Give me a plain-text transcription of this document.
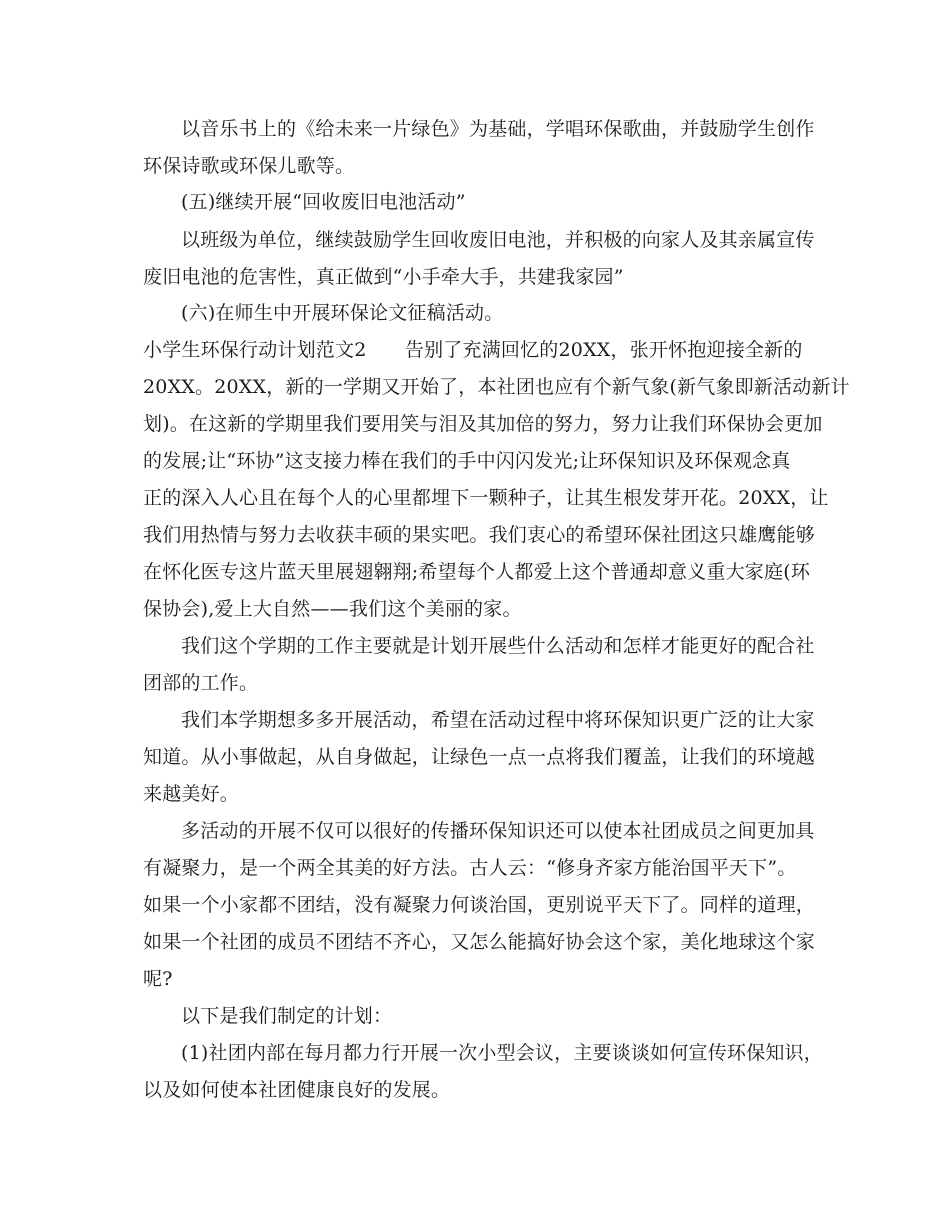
以音乐书上的《给未来一片绿色》为基础，学唱环保歌曲，并鼓励学生创作
环保诗歌或环保儿歌等。
(五)继续开展“回收废旧电池活动”
以班级为单位，继续鼓励学生回收废旧电池，并积极的向家人及其亲属宣传
废旧电池的危害性，真正做到“小手牵大手，共建我家园”
(六)在师生中开展环保论文征稿活动。
小学生环保行动计划范文2　　告别了充满回忆的20XX，张开怀抱迎接全新的
20XX。20XX，新的一学期又开始了，本社团也应有个新气象(新气象即新活动新计
划)。在这新的学期里我们要用笑与泪及其加倍的努力，努力让我们环保协会更加
的发展;让“环协”这支接力棒在我们的手中闪闪发光;让环保知识及环保观念真
正的深入人心且在每个人的心里都埋下一颗种子，让其生根发芽开花。20XX，让
我们用热情与努力去收获丰硕的果实吧。我们衷心的希望环保社团这只雄鹰能够
在怀化医专这片蓝天里展翅翱翔;希望每个人都爱上这个普通却意义重大家庭(环
保协会),爱上大自然——我们这个美丽的家。
我们这个学期的工作主要就是计划开展些什么活动和怎样才能更好的配合社
团部的工作。
我们本学期想多多开展活动，希望在活动过程中将环保知识更广泛的让大家
知道。从小事做起，从自身做起，让绿色一点一点将我们覆盖，让我们的环境越
来越美好。
多活动的开展不仅可以很好的传播环保知识还可以使本社团成员之间更加具
有凝聚力，是一个两全其美的好方法。古人云：“修身齐家方能治国平天下”。
如果一个小家都不团结，没有凝聚力何谈治国，更别说平天下了。同样的道理，
如果一个社团的成员不团结不齐心，又怎么能搞好协会这个家，美化地球这个家
呢?
以下是我们制定的计划：
(1)社团内部在每月都力行开展一次小型会议，主要谈谈如何宣传环保知识，
以及如何使本社团健康良好的发展。
